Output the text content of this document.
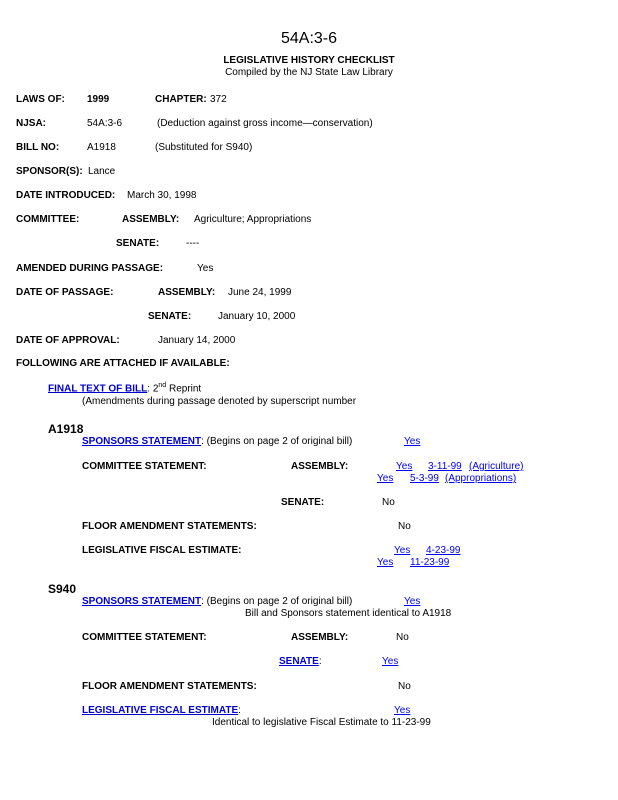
54A:3-6
LEGISLATIVE HISTORY CHECKLIST
Compiled by the NJ State Law Library
LAWS OF: 1999	CHAPTER: 372
NJSA:	54A:3-6	(Deduction against gross income—conservation)
BILL NO:	A1918	(Substituted for S940)
SPONSOR(S): Lance
DATE INTRODUCED: March 30, 1998
COMMITTEE:	ASSEMBLY: Agriculture; Appropriations
SENATE:	----
AMENDED DURING PASSAGE:	Yes
DATE OF PASSAGE:	ASSEMBLY: June 24, 1999
SENATE:	January 10, 2000
DATE OF APPROVAL:	January 14, 2000
FOLLOWING ARE ATTACHED IF AVAILABLE:
FINAL TEXT OF BILL: 2nd Reprint
(Amendments during passage denoted by superscript number
A1918
SPONSORS STATEMENT: (Begins on page 2 of original bill)	Yes
COMMITTEE STATEMENT:	ASSEMBLY:	Yes 3-11-99 (Agriculture)
Yes 5-3-99 (Appropriations)
SENATE:	No
FLOOR AMENDMENT STATEMENTS:	No
LEGISLATIVE FISCAL ESTIMATE:	Yes 4-23-99
Yes 11-23-99
S940
SPONSORS STATEMENT: (Begins on page 2 of original bill)	Yes
Bill and Sponsors statement identical to A1918
COMMITTEE STATEMENT:	ASSEMBLY:	No
SENATE:	Yes
FLOOR AMENDMENT STATEMENTS:	No
LEGISLATIVE FISCAL ESTIMATE:	Yes
Identical to legislative Fiscal Estimate to 11-23-99
